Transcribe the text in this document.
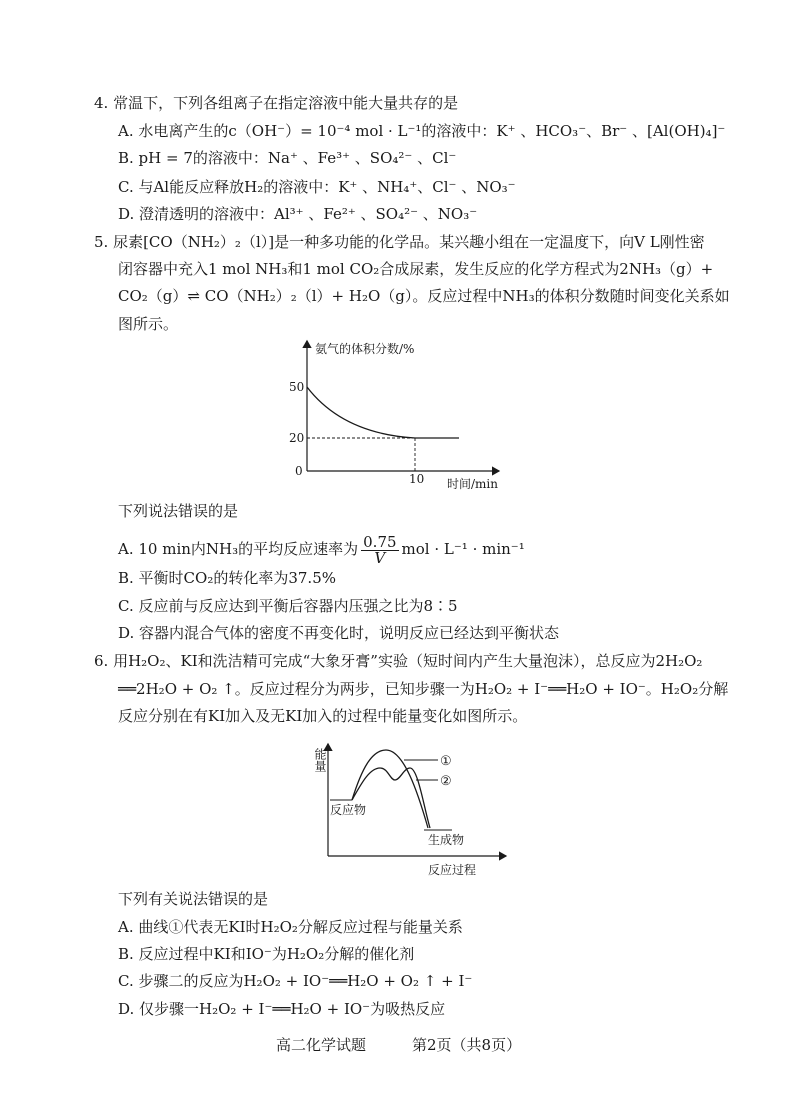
4. 常温下，下列各组离子在指定溶液中能大量共存的是
A. 水电离产生的c（OH⁻）= 10⁻⁴ mol · L⁻¹的溶液中：K⁺ 、HCO₃⁻、Br⁻ 、[Al(OH)₄]⁻
B. pH = 7的溶液中：Na⁺ 、Fe³⁺ 、SO₄²⁻ 、Cl⁻
C. 与Al能反应释放H₂的溶液中：K⁺ 、NH₄⁺、Cl⁻ 、NO₃⁻
D. 澄清透明的溶液中：Al³⁺ 、Fe²⁺ 、SO₄²⁻ 、NO₃⁻
5. 尿素[CO（NH₂）₂（l）]是一种多功能的化学品。某兴趣小组在一定温度下，向V L刚性密
闭容器中充入1 mol NH₃和1 mol CO₂合成尿素，发生反应的化学方程式为2NH₃（g）+
CO₂（g）⇌ CO（NH₂）₂（l）+ H₂O（g）。反应过程中NH₃的体积分数随时间变化关系如
图所示。
氨气的体积分数/%
时间/min
50
20
0
10
下列说法错误的是
A. 10 min内NH₃的平均反应速率为 $\frac{0.75}{V}$ mol · L⁻¹ · min⁻¹
B. 平衡时CO₂的转化率为37.5%
C. 反应前与反应达到平衡后容器内压强之比为8∶5
D. 容器内混合气体的密度不再变化时，说明反应已经达到平衡状态
6. 用H₂O₂、KI和洗洁精可完成“大象牙膏”实验（短时间内产生大量泡沫），总反应为2H₂O₂
══2H₂O + O₂ ↑。反应过程分为两步，已知步骤一为H₂O₂ + I⁻══H₂O + IO⁻。H₂O₂分解
反应分别在有KI加入及无KI加入的过程中能量变化如图所示。
能量
反应过程
反应物
生成物
①
②
下列有关说法错误的是
A. 曲线①代表无KI时H₂O₂分解反应过程与能量关系
B. 反应过程中KI和IO⁻为H₂O₂分解的催化剂
C. 步骤二的反应为H₂O₂ + IO⁻══H₂O + O₂ ↑ + I⁻
D. 仅步骤一H₂O₂ + I⁻══H₂O + IO⁻为吸热反应
高二化学试题	第2页（共8页）
